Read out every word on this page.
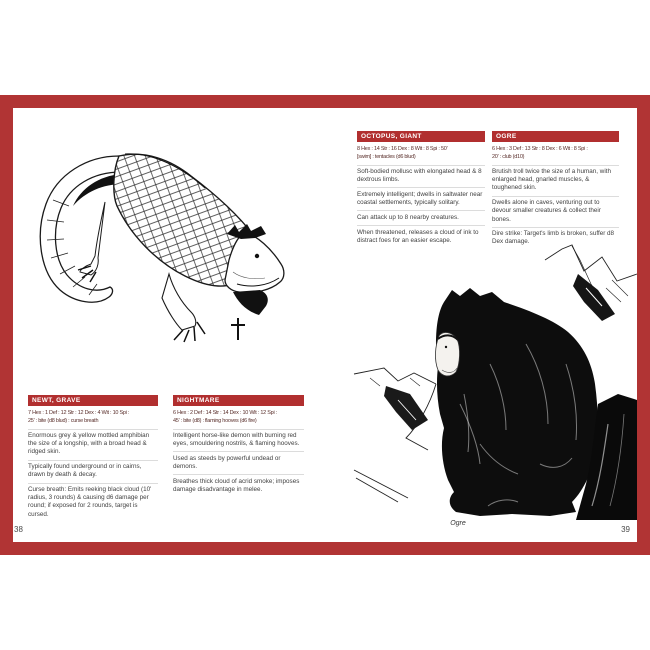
NEWT, GRAVE
7 Hex : 1 Def : 12 Str : 12 Dex : 4 Wit : 10 Spi :
25' : bite (d8 blud) : curse breath
Enormous grey & yellow mottled amphibian the size of a longship, with a broad head & ridged skin.
Typically found underground or in cairns, drawn by death & decay.
Curse breath: Emits reeking black cloud (10' radius, 3 rounds) & causing d6 damage per round; if exposed for 2 rounds, target is cursed.
NIGHTMARE
6 Hex : 2 Def : 14 Str : 14 Dex : 10 Wit : 12 Spi :
45' : bite (d8) : flaming hooves (d6 fire)
Intelligent horse-like demon with burning red eyes, smouldering nostrils, & flaming hooves.
Used as steeds by powerful undead or demons.
Breathes thick cloud of acrid smoke; imposes damage disadvantage in melee.
38
OCTOPUS, GIANT
8 Hex : 14 Str : 16 Dex : 8 Wit : 8 Spi : 50'
[swim] : tentacles (d6 blud)
Soft-bodied mollusc with elongated head & 8 dextrous limbs.
Extremely intelligent; dwells in saltwater near coastal settlements, typically solitary.
Can attack up to 8 nearby creatures.
When threatened, releases a cloud of ink to distract foes for an easier escape.
OGRE
6 Hex : 3 Def : 13 Str : 8 Dex : 6 Wit : 8 Spi :
20' : club (d10)
Brutish troll twice the size of a human, with enlarged head, gnarled muscles, & toughened skin.
Dwells alone in caves, venturing out to devour smaller creatures & collect their bones.
Dire strike: Target's limb is broken, suffer d8 Dex damage.
Ogre
39
